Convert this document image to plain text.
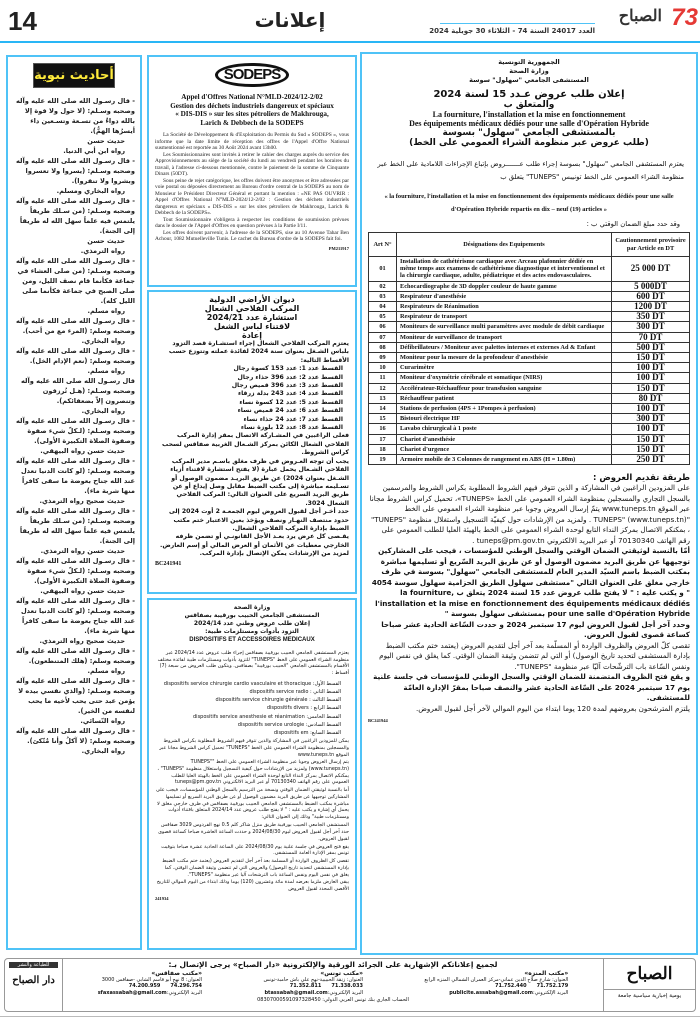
14	إعلانات	73
الصباح
العدد 24017 السنة 74 - الثلاثاء 30 جويلية 2024
أحاديث نبوية
- قال رسـول الله صلى الله عليه وآله وصحبه وسـلم: (لا حول ولا قوة إلا بالله دواءٌ من تسـعة وتسـعين داء أيسرُها الهمُّ).
حديث حسن
رواه ابن أبي الدنيا.
- قال رسـول الله صلى الله عليه وآله وصحبه وسـلم: (يسروا ولا تعسروا وبشروا ولا تنفروا).
رواه البخاري ومسلم.
- قال رسـول الله صلى الله عليه وآله وصحبه وسـلم: (من سـلك طريقاً يلتمس فيه علماً سهل الله له طريقاً إلى الجنة).
حديث حسن
رواه الترمذي.
- قال رسـول الله صلى الله عليه وآله وصحبه وسـلم: (من صلى العشاء في جماعة فكأنما قام نصف الليل، ومن صلى الصبح في جماعة فكأنما صلى الليل كله).
رواه مسلم.
- قال رسـول الله صلى الله عليه وآله وصحبه وسلم: (المرء مع من أحب).
رواه البخاري.
- قال رسـول الله صلى الله عليه وآله وصحبه وسلم: (نعم الإدام الخل).
رواه مسلم.
قال رسـول الله صلى الله عليه وآله وصحبه وسـلم: (هـل تُرزقون وتنصرون إلاّ بضعفائكم).
رواه البخاري.
- قال رسـول الله صلى الله عليه وآله وصحبه وسـلم: (لـكلّ شيء صفوة وصفوة الصلاة التكبيرة الأولى).
حديث حسن رواه البيهقي.
- قال رسـول الله صلى الله عليه وآله وصحبه وسـلم: (لو كانت الدنيا تعدل عند الله جناح بعوضة ما سقى كافراً منها شربة ماء).
حديث صحيح رواه الترمذي.
- قال رسـول الله صلى الله عليه وآله وصحبه وسـلم: (من سـلك طريقاً يلتمس فيه علماً سهل الله له طريقاً إلى الجنة).
حديث حسن رواه الترمذي.
- قال رسـول الله صلى الله عليه وآله وصحبه وسـلم: (لـكلّ شيء صفوة وصفوة الصلاة التكبيرة الأولى).
حديث حسن رواه البيهقي.
- قال رسـول الله صلى الله عليه وآله وصحبه وسـلم: (لو كانت الدنيا تعدل عند الله جناح بعوضة ما سقى كافراً منها شربة ماء).
حديث صحيح رواه الترمذي.
- قال رسـول الله صلى الله عليه وآله وصحبه وسلم: (هلك المتنطعون).
رواه مسلم.
- قال رسـول الله صلى الله عليه وآله وصحبه وسـلم: (والذي نفسي بيده لا يؤمن عبد حتى يحب لأخيه ما يحب لنفسه من الخير).
رواه النّسائي.
- قال رسـول الله صلى الله عليه وآله وصحبه وسلم: (لا آكلُ وأنا مُتّكئ).
رواه البخاري.
SODEPS
Appel d'Offres National N°MLD-2024/12-2/02
Gestion des déchets industriels dangereux et spéciaux
« DIS-DIS » sur les sites pétroliers de Makhrouga,
Larich & Debbech de la SODEPS

La Société de Développement & d'Exploitation du Permis du Sud « SODEPS », vous informe que la date limite de réception des offres de l'Appel d'Offre National susmentionné est reportée au 30 Août 2024 avant 13h00.

Les Soumissionnaires sont invités à retirer le cahier des charges auprès du service des Approvisionnements au siège de la société du lundi au vendredi pendant les horaires du travail, à l'adresse ci-dessous mentionnée, contre le paiement de la somme de Cinquante Dinars (50DT).

Sous peine de rejet catégorique, les offres doivent être anonymes et être adressées par voie postal ou déposées directement au Bureau d'ordre central de la SODEPS au nom de Monsieur le Président Directeur Général et portant la mention : «NE PAS OUVRIR : Appel d'Offres National N°MLD-2024/12-2/02 : Gestion des déchets industriels dangereux et spéciaux « DIS-DIS » sur les sites pétroliers de Makhrouga, Larich & Debbech de la SODEPS».

Tout Soumissionnaire s'obligera à respecter les conditions de soumission prévues dans le dossier de l'Appel d'Offres en question prévues à la Partie I/11.

Les offres doivent parvenir, à l'adresse de la SODEPS, sise au 10 Avenue Tahar Ben Achour, 1082 Mutuelleville Tunis. Le cachet du Bureau d'ordre de la SODEPS fait foi.

PM211917
ديوان الأراضي الدولية
المركب الفلاحي الشعال
استشارة عدد 2024/21
لاقتناء لباس الشغل
إعادة
يعتزم المركب الفلاحي الشعال إجراء استشـارة قصد التزود بلباس الشـغل بعنوان سنة 2024 لفائدة عملته وتتوزع حسب الأقساط التالية:
القسط عدد 1: عدد 153 كسوة رجال
القسط عدد 2: عدد 396 حذاء رجال
القسط عدد 3: عدد 396 قميص رجال
القسط عدد 4: عدد 243 بدلة زرقاء
القسط عدد 5: عدد 12 كسوة نساء
القسط عدد 6: عدد 24 قميص نساء
القسط عدد 7: عدد 24 حذاء نساء
القسط عدد 8: عدد 12 بلوزة نساء
فعلى الراغبين في المشـاركة الاتصال بمقر إدارة المركب الفلاحي الشعال الكائن بمركز الشـعال الغربية صفاقس لسحب كراس الشروط.
يجب أن توجه العـروض في ظرف مغلق باسـم مدير المركب الفلاحي الشـعال يحمل عبارة (لا يفتح استشارة لاقتناء أزياء الشـغل بعنوان 2024) عن طريق البريـد مضمون الوصول أو تسـليمه مباشرة إلى مكتب الضبط مقابل وصل إيداع أو عن طريق البريد السريع على العنوان التالي: المركب الفلاحي الشعال 3024.
حدد أخـر أجل لقبول العروض ليوم الجمعـة 2 أوت 2024 إلى حدود منتصف النهـار ونصف ويؤخذ بعين الاعتبار ختم مكتب الضبط بإدارة المركب الفلاحي الشعال.
يقـصى كل عرض يرد بعـد الأجل القانونـي أو تضمن ظرفه الخارجي معطيات عن الأثمان أو العرض المالي أو إسم العارض.
لمزيد من الإرشادات يمكن الإتصال بإدارة المركب.
BC241941
وزارة الصحة
المستشفى الجامعي الحبيب بورقيبة بصفاقس
إعلان طلب عروض وطني عدد 2024/14
التزود بأدوات ومستلزمات طبية:
DISPOSITIFS ET ACCESSOIRES MEDICAUX
يعتزم المستشفى الجامعي الحبيب بورقيبة بصفاقس إجراء طلب عروض عدد 2024/14 عبر منظومة الشراء العمومي على الخط "TUNEPS" للتزود بأدوات ومستلزمات طبية لفائدة مختلف الأقسام بالمستشفى الجامعي "الحبيب بورقيبة" بصفاقس. ويتكون طلب العروض من سبعة (7) أقساط :
القسط الأول: dispositifs service chirurgie cardio vasculaire et thoracique
القسط الثاني : dispositifs service radio
القسط الثالث : dispositifs service chirurgie générale
القسط الرابع : dispositifs divers
القسط الخامس: dispositifs service anesthesie et réanimation
القسط السادس: dispositifs service urologie
القسط السابع: dispositifs em
يمكن للمزودين الراغبين في المشاركة والذين تتوفر فيهم الشروط المطلوبة بكراس الشروط والمسجلين بمنظومة الشراء العمومي على الخط "TUNEPS" تحميل كراس الشروط مجانا عبر الموقع www.tuneps.tn
يتم إرسال العروض وجوبا عبر منظومة الشراء العمومي على الخط "TUNEPS" (www.tuneps.tn) ولمزيد من الإرشادات حول كيفية التسجيل واستغلال منظومة "TUNEPS" ، يمكنكم الاتصال بمركز النداء التابع لوحدة الشراء العمومي على الخط بالهيئة العليا للطلب العمومي على رقم الهاتف 70130340 أو عبر البريد الالكتروني tuneps@pm.gov.tn
أما بالنسبة لوثيقتي الضمان الوقتي ونسخة من الترسيم بالسجل الوطني للمؤسسات، فيجب على المشاركين توجيهها عن طريق البريد مضمون الوصول أو عن طريق البريد السريع أو تسليمها مباشرة بمكتب الضبط بالمستشفى الجامعي الحبيب بورقيبة بصفاقس في ظرف خارجي مغلق لا يحمل أي إشارة و يكتب عليه : " لا يفتح طلب عروض عدد 2024/14 المتعلق باقتناء أدوات ومستلزمات طبية" وذلك إلى العنوان التالي:
المستشفى الجامعي الحبيب بورقيبة طريق منزل شاكر كلم 0.5 نهج الفردوس 3029 صفاقس
حدد آخر أجل لقبول العروض ليوم 2024/08/30 و حددت الساعة العاشرة صباحا كساعة قصوى لقبول العروض.
يقع فتح العروض في جلسة علنية يوم 2024/08/30 على الساعة الحادية عشرة صباحا بتوقيت تونس بمقر الإدارة العامة للمستشفى.
تقصى كل الظروف الواردة أو المسلمة بعد آخر أجل لتقديم العروض (يعتمد ختم مكتب الضبط بإدارة المستشفى لتحديد تاريخ الوصول) والعروض التي لم تتضمن وثيقة الضمان الوقتي. كما يغلق في نفس اليوم ونفس الساعة باب الترشحات آليا عبر منظومة "TUNEPS".
يبقى العارض ملزما بعرضه لمدة مائة وعشرون (120) يوما وذلك ابتداء من اليوم الموالي للتاريخ الأقصى المحدد لقبول العروض
241934
الجمهورية التونسية
وزارة الصحة
المستشفى الجامعي "سهلول" سوسة
إعلان طلب عروض عـدد 15 لسنة 2024
والمتعلق ب
La fourniture, l'installation et la mise en fonctionnement
Des équipements médicaux dédiés pour une salle d'Opération Hybride
بالمستشفى الجامعي "سهلول" بسوسة
(طلب عروض عبر منظومة الشراء العمومي على الخط)
يعتزم المستشفى الجامعي "سهلول" بسوسة إجراء طلب عـــــــروض بإتباع الإجراءات اللامادية على الخط عبر منظومة الشراء العمومي على الخط تونيبس "TUNEPS" يتعلق ب
« la fourniture, l'installation et la mise en fonctionnement des équipements médicaux dédiés pour une salle d'Opération Hybride repartis en dix – neuf (19) articles »
وقد حدد مبلغ الضمان الوقتي ب :
Art N°	Désignations des Equipements	Cautionnement provisoire par Article en DT
01	Installation de cathétérisme cardiaque avec Arceau plafonnier dédiée en même temps aux examens de cathétérisme diagnostique et interventionnel et la chirurgie cardiaque, adulte, pédiatrique et des actes endovasculaires.	25 000 DT
02	Echocardiographe de 3D doppler couleur de haute gamme	5 000DT
03	Respirateur d'anesthésie	600 DT
04	Respirateurs de Réanimation	1200 DT
05	Respirateur de transport	350 DT
06	Moniteurs de surveillance multi paramètres avec module de débit cardiaque	300 DT
07	Moniteur de surveillance de transport	70 DT
08	Défibrillateurs / Moniteur avec palettes internes et externes Ad & Enfant	500 DT
09	Moniteur pour la mesure de la profondeur d'anesthésie	150 DT
10	Curarimètre	100 DT
11	Moniteur d'oxymétrie cérébrale et somatique (NIRS)	100 DT
12	Accélérateur-Réchauffeur pour transfusion sanguine	150 DT
13	Réchauffeur patient	80 DT
14	Stations de perfusion (4PS + 1Pompes à perfusion)	100 DT
15	Bistouri électrique HF	300 DT
16	Lavabo chirurgical à 1 poste	100 DT
17	Chariot d'anesthésie	150 DT
18	Chariot d'urgence	150 DT
19	Armoire mobile de 3 Colonnes de rangement en ABS (H = 1.80m)	250 DT
طريقة تقديم العروض :
على المزودين الراغبين في المشاركة و الذين تتوفر فيهم الشروط المطلوبة بكراس الشروط والمرسمين بالسجل التجاري والمسجلين بمنظومة الشراء العمومي على الخط «TUNEPS»، تحميل كراس الشروط مجانا عبر الموقع www.tuneps.tn يتمّ إرسال العروض وجوبا عبر منظومة الشراء العمومي على الخط "TUNEPS" (www.tuneps.tn) . ولمزيد من الإرشادات حول كيفيّة التسجيل واستغلال منظومة "TUNEPS" ، بمكنكم الاتصال بمركز النداء التابع لوحدة الشراء العمومي على الخط بالهيئة العليا للطلب العمومي على رقم الهاتف 70130340 أو عبر البريد الالكتروني tuneps@pm.gov.tn .
أمّا بالنسبة لوثيقتي الضمان الوقتي والسجل الوطني للمؤسسات ، فيجب على المشاركين توجيهها عن طريق البريد مضمون الوصول أو عن طريق البريد السّريع أو تسليمها مباشرة بمكتب الضبط باسم السيّد المدير العام للمستشفى الجامعي "سهلول" بسوسة في ظرف خارجي مغلق على العنوان التالي "مستشفى سهلول الطريق الحزامية سهلول سوسة 4054 " و يكتب عليه : " لا يفتح طلب عروض عدد 15 لسنة 2024 يتعلق ب la fourniture, l'installation et la mise en fonctionnement des équipements médicaux dédiés pour une salle d'Opération Hybride بمستشفى سهلول بسوسة "
وحدد آخر أجل لقبول العروض ليوم 17 سبتمبر 2024 و حددت السّاعة الحادية عشر صباحا كساعة قصوى لقبول العروض.
تقصى كلّ العروض والظروف الواردة أو المسلّمة بعد آخر أجل لتقديم العروض (يعتمد ختم مكتب الضبط بإدارة المستشفى لتحديد تاريخ الوصول) أو التي لم تتضمن وثيقة الضمان الوقتي. كما يغلق في نفس اليوم ونفس السّاعة باب الترشّحات آليّا عبر منظومة "TUNEPS".
و يقع فتح الظروف المتضمنة للضمان الوقتي والسجل الوطني للمؤسسات في جلسة علنية يوم 17 سبتمبر 2024 على السّاعة الحادية عشر والنصف صباحا بمقرّ الإدارة العامّة للمستشفى.
يلتزم المترشحون بعروضهم لمدة 120 يوما ابتداء من اليوم الموالي لآخر أجل لقبول العروض.
BC241944
الصباح
يومية إخبارية سياسية جامعة
لجميع إعلاناتكم الإشهارية على الجرائد الورقية والإلكترونية «دار الصباح» يرجى الإتصال بـ:
«مكتب المنزه»
العنوان: شارع صلاح الدين عماني-مركز العمران الشمالي المنزه الرابع
71.752.179
71.752.440
البريد الإلكتروني:publicite.assabah@gmail.com
«مكتب تونس»
العنوان: زنقة الحبيبية-نهج علي باش حامبة-تونس
71.338.033
71.352.811
البريد الإلكتروني:btassabah@gmail.com
«مكتب صفاقس»
العنوان: 8 نهج أبو قاسم الشابي -صفاقس 3000
74.296.754
74.200.959
البريد الإلكتروني:sfaxassabah@gmail.com
الحساب الجاري بنك تونس العربي الدولي: 08307000591097328450
للطباعة والنشر
دار الصباح
